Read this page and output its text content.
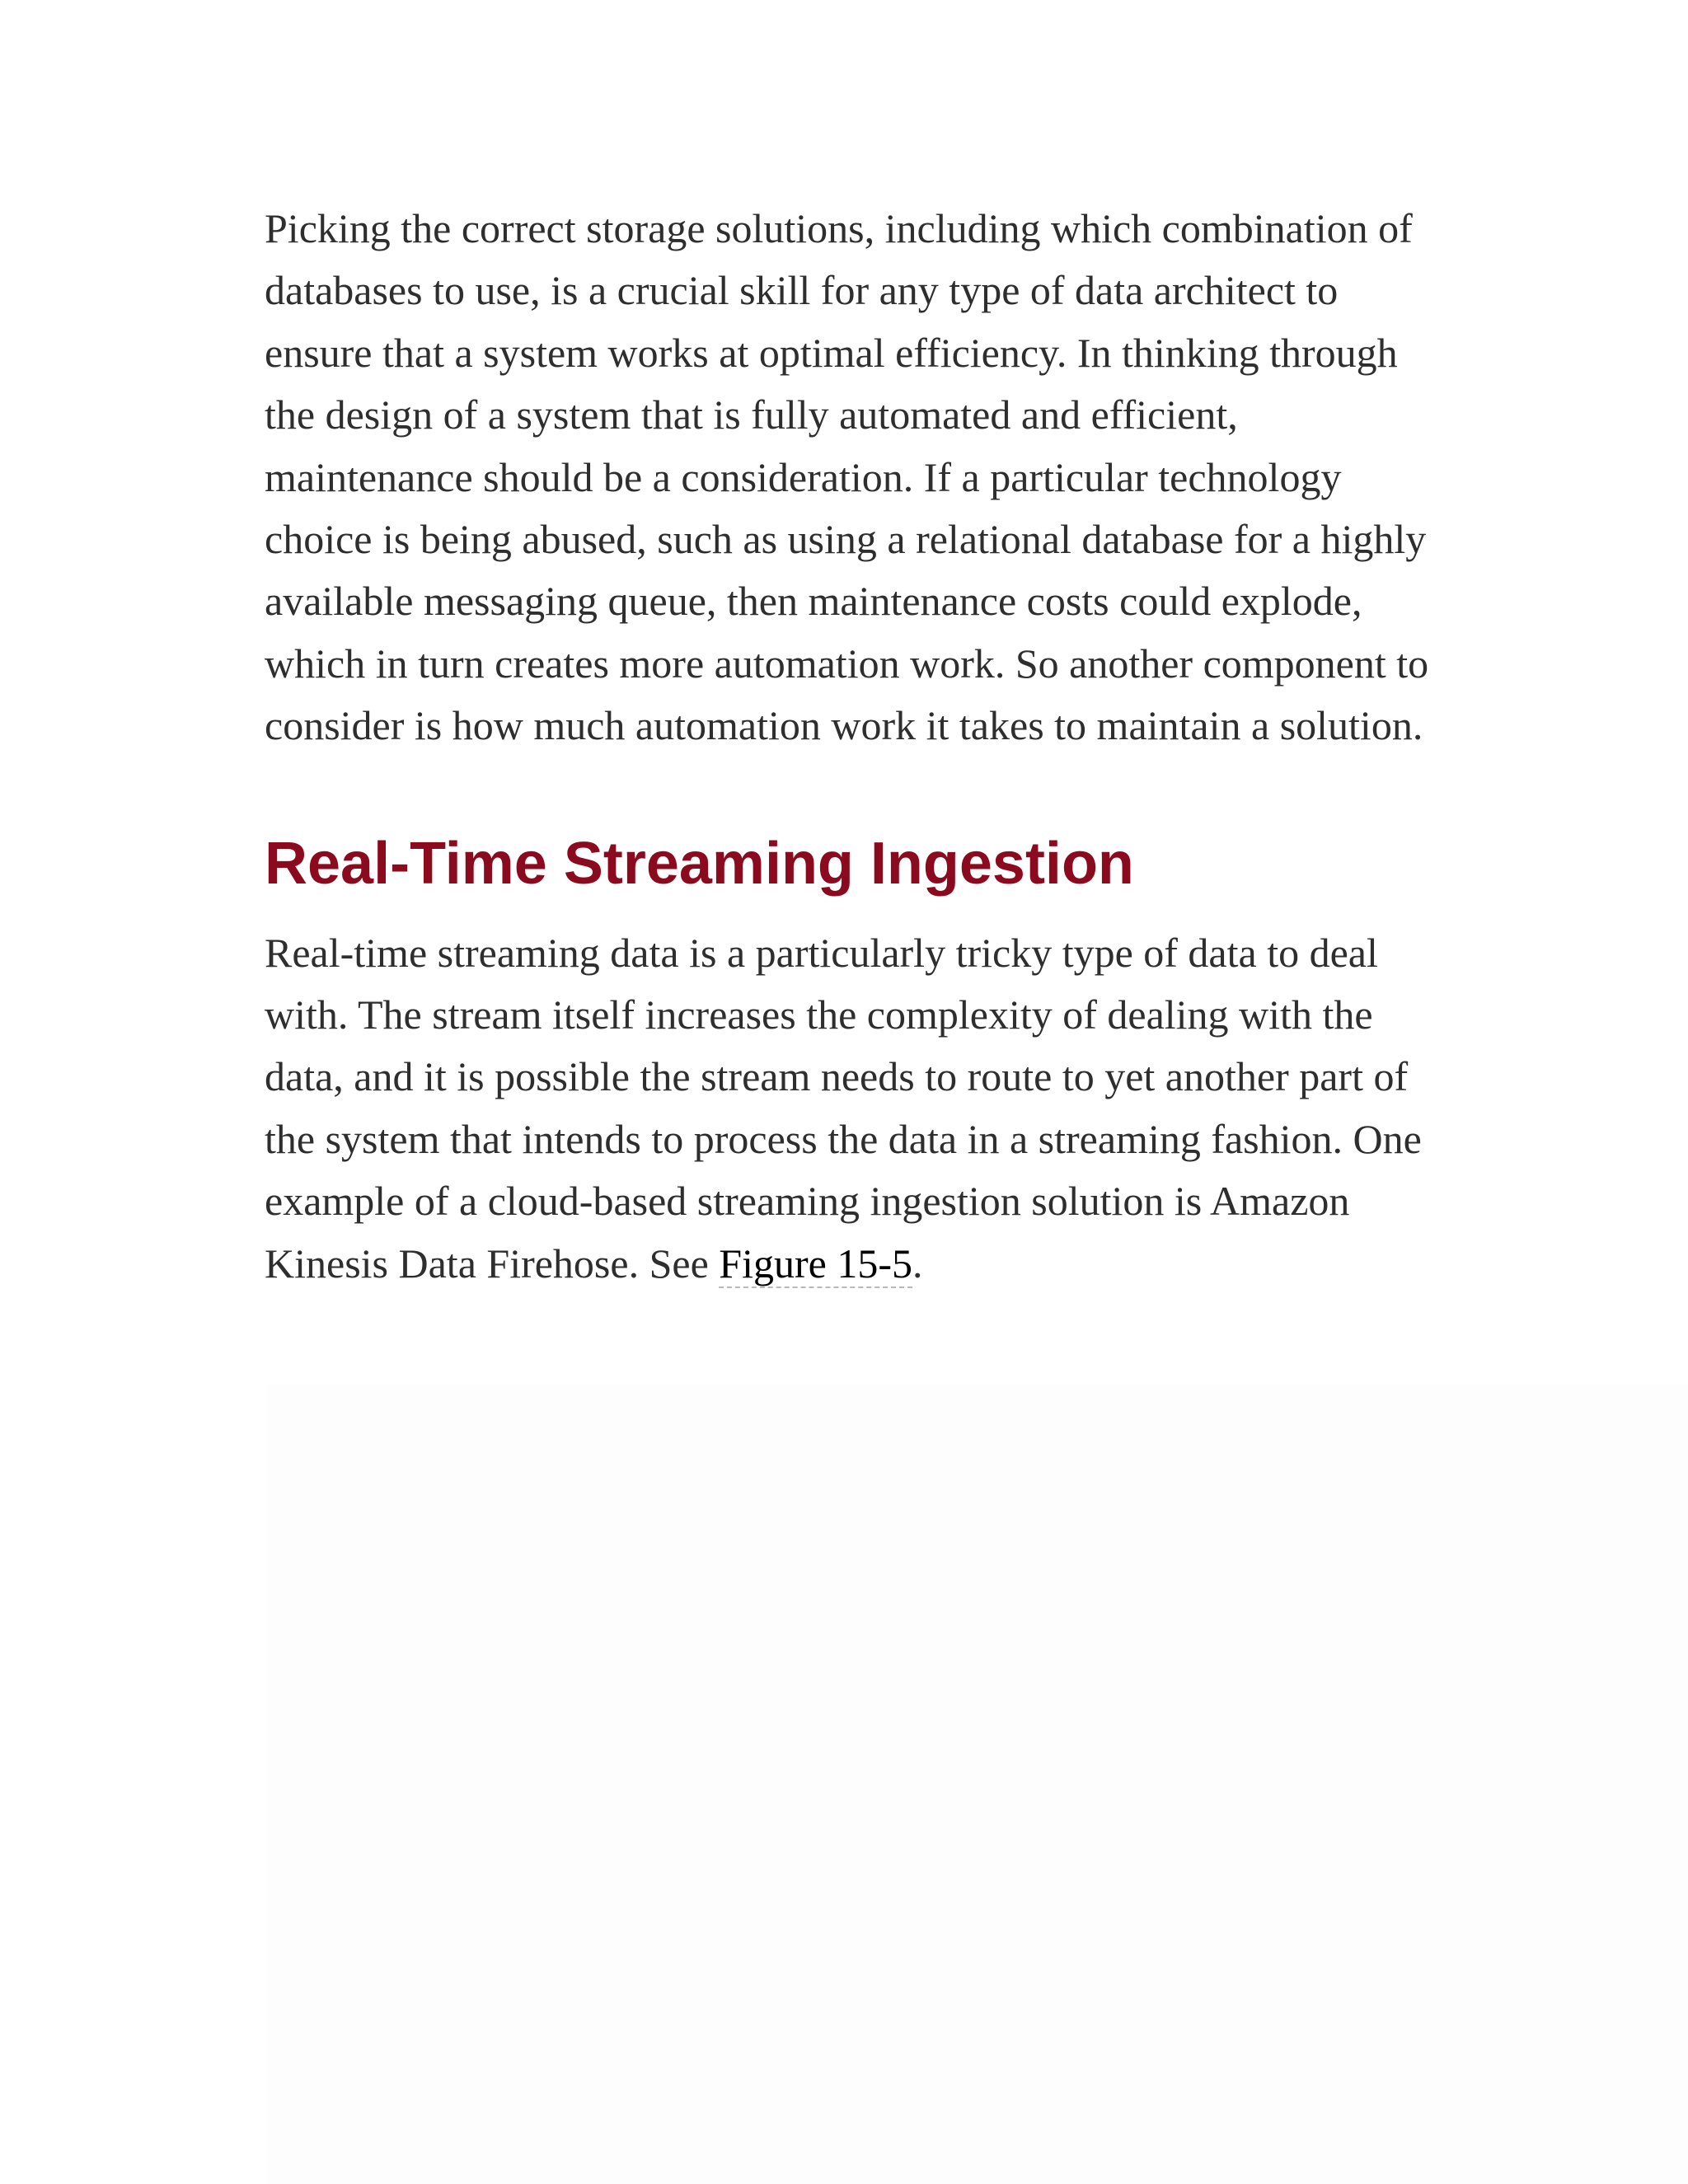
Picking the correct storage solutions, including which combination of databases to use, is a crucial skill for any type of data architect to ensure that a system works at optimal efficiency. In thinking through the design of a system that is fully automated and efficient, maintenance should be a consideration. If a particular technology choice is being abused, such as using a relational database for a highly available messaging queue, then maintenance costs could explode, which in turn creates more automation work. So another component to consider is how much automation work it takes to maintain a solution.

Real-Time Streaming Ingestion

Real-time streaming data is a particularly tricky type of data to deal with. The stream itself increases the complexity of dealing with the data, and it is possible the stream needs to route to yet another part of the system that intends to process the data in a streaming fashion. One example of a cloud-based streaming ingestion solution is Amazon Kinesis Data Firehose. See Figure 15-5.
